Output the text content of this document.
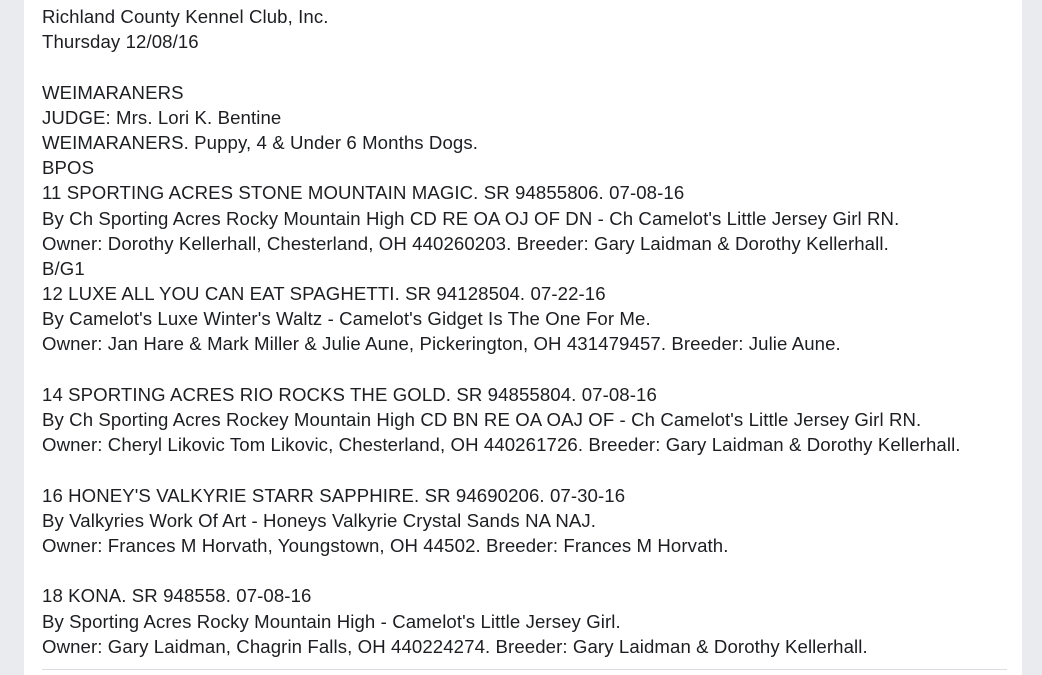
Richland County Kennel Club, Inc.
Thursday 12/08/16
WEIMARANERS
JUDGE: Mrs. Lori K. Bentine
WEIMARANERS. Puppy, 4 & Under 6 Months Dogs.
BPOS
11 SPORTING ACRES STONE MOUNTAIN MAGIC. SR 94855806. 07-08-16
By Ch Sporting Acres Rocky Mountain High CD RE OA OJ OF DN - Ch Camelot's Little Jersey Girl RN.
Owner: Dorothy Kellerhall, Chesterland, OH 440260203. Breeder: Gary Laidman & Dorothy Kellerhall.
B/G1
12 LUXE ALL YOU CAN EAT SPAGHETTI. SR 94128504. 07-22-16
By Camelot's Luxe Winter's Waltz - Camelot's Gidget Is The One For Me.
Owner: Jan Hare & Mark Miller & Julie Aune, Pickerington, OH 431479457. Breeder: Julie Aune.
14 SPORTING ACRES RIO ROCKS THE GOLD. SR 94855804. 07-08-16
By Ch Sporting Acres Rockey Mountain High CD BN RE OA OAJ OF - Ch Camelot's Little Jersey Girl RN.
Owner: Cheryl Likovic Tom Likovic, Chesterland, OH 440261726. Breeder: Gary Laidman & Dorothy Kellerhall.
16 HONEY'S VALKYRIE STARR SAPPHIRE. SR 94690206. 07-30-16
By Valkyries Work Of Art - Honeys Valkyrie Crystal Sands NA NAJ.
Owner: Frances M Horvath, Youngstown, OH 44502. Breeder: Frances M Horvath.
18 KONA. SR 948558. 07-08-16
By Sporting Acres Rocky Mountain High - Camelot's Little Jersey Girl.
Owner: Gary Laidman, Chagrin Falls, OH 440224274. Breeder: Gary Laidman & Dorothy Kellerhall.
